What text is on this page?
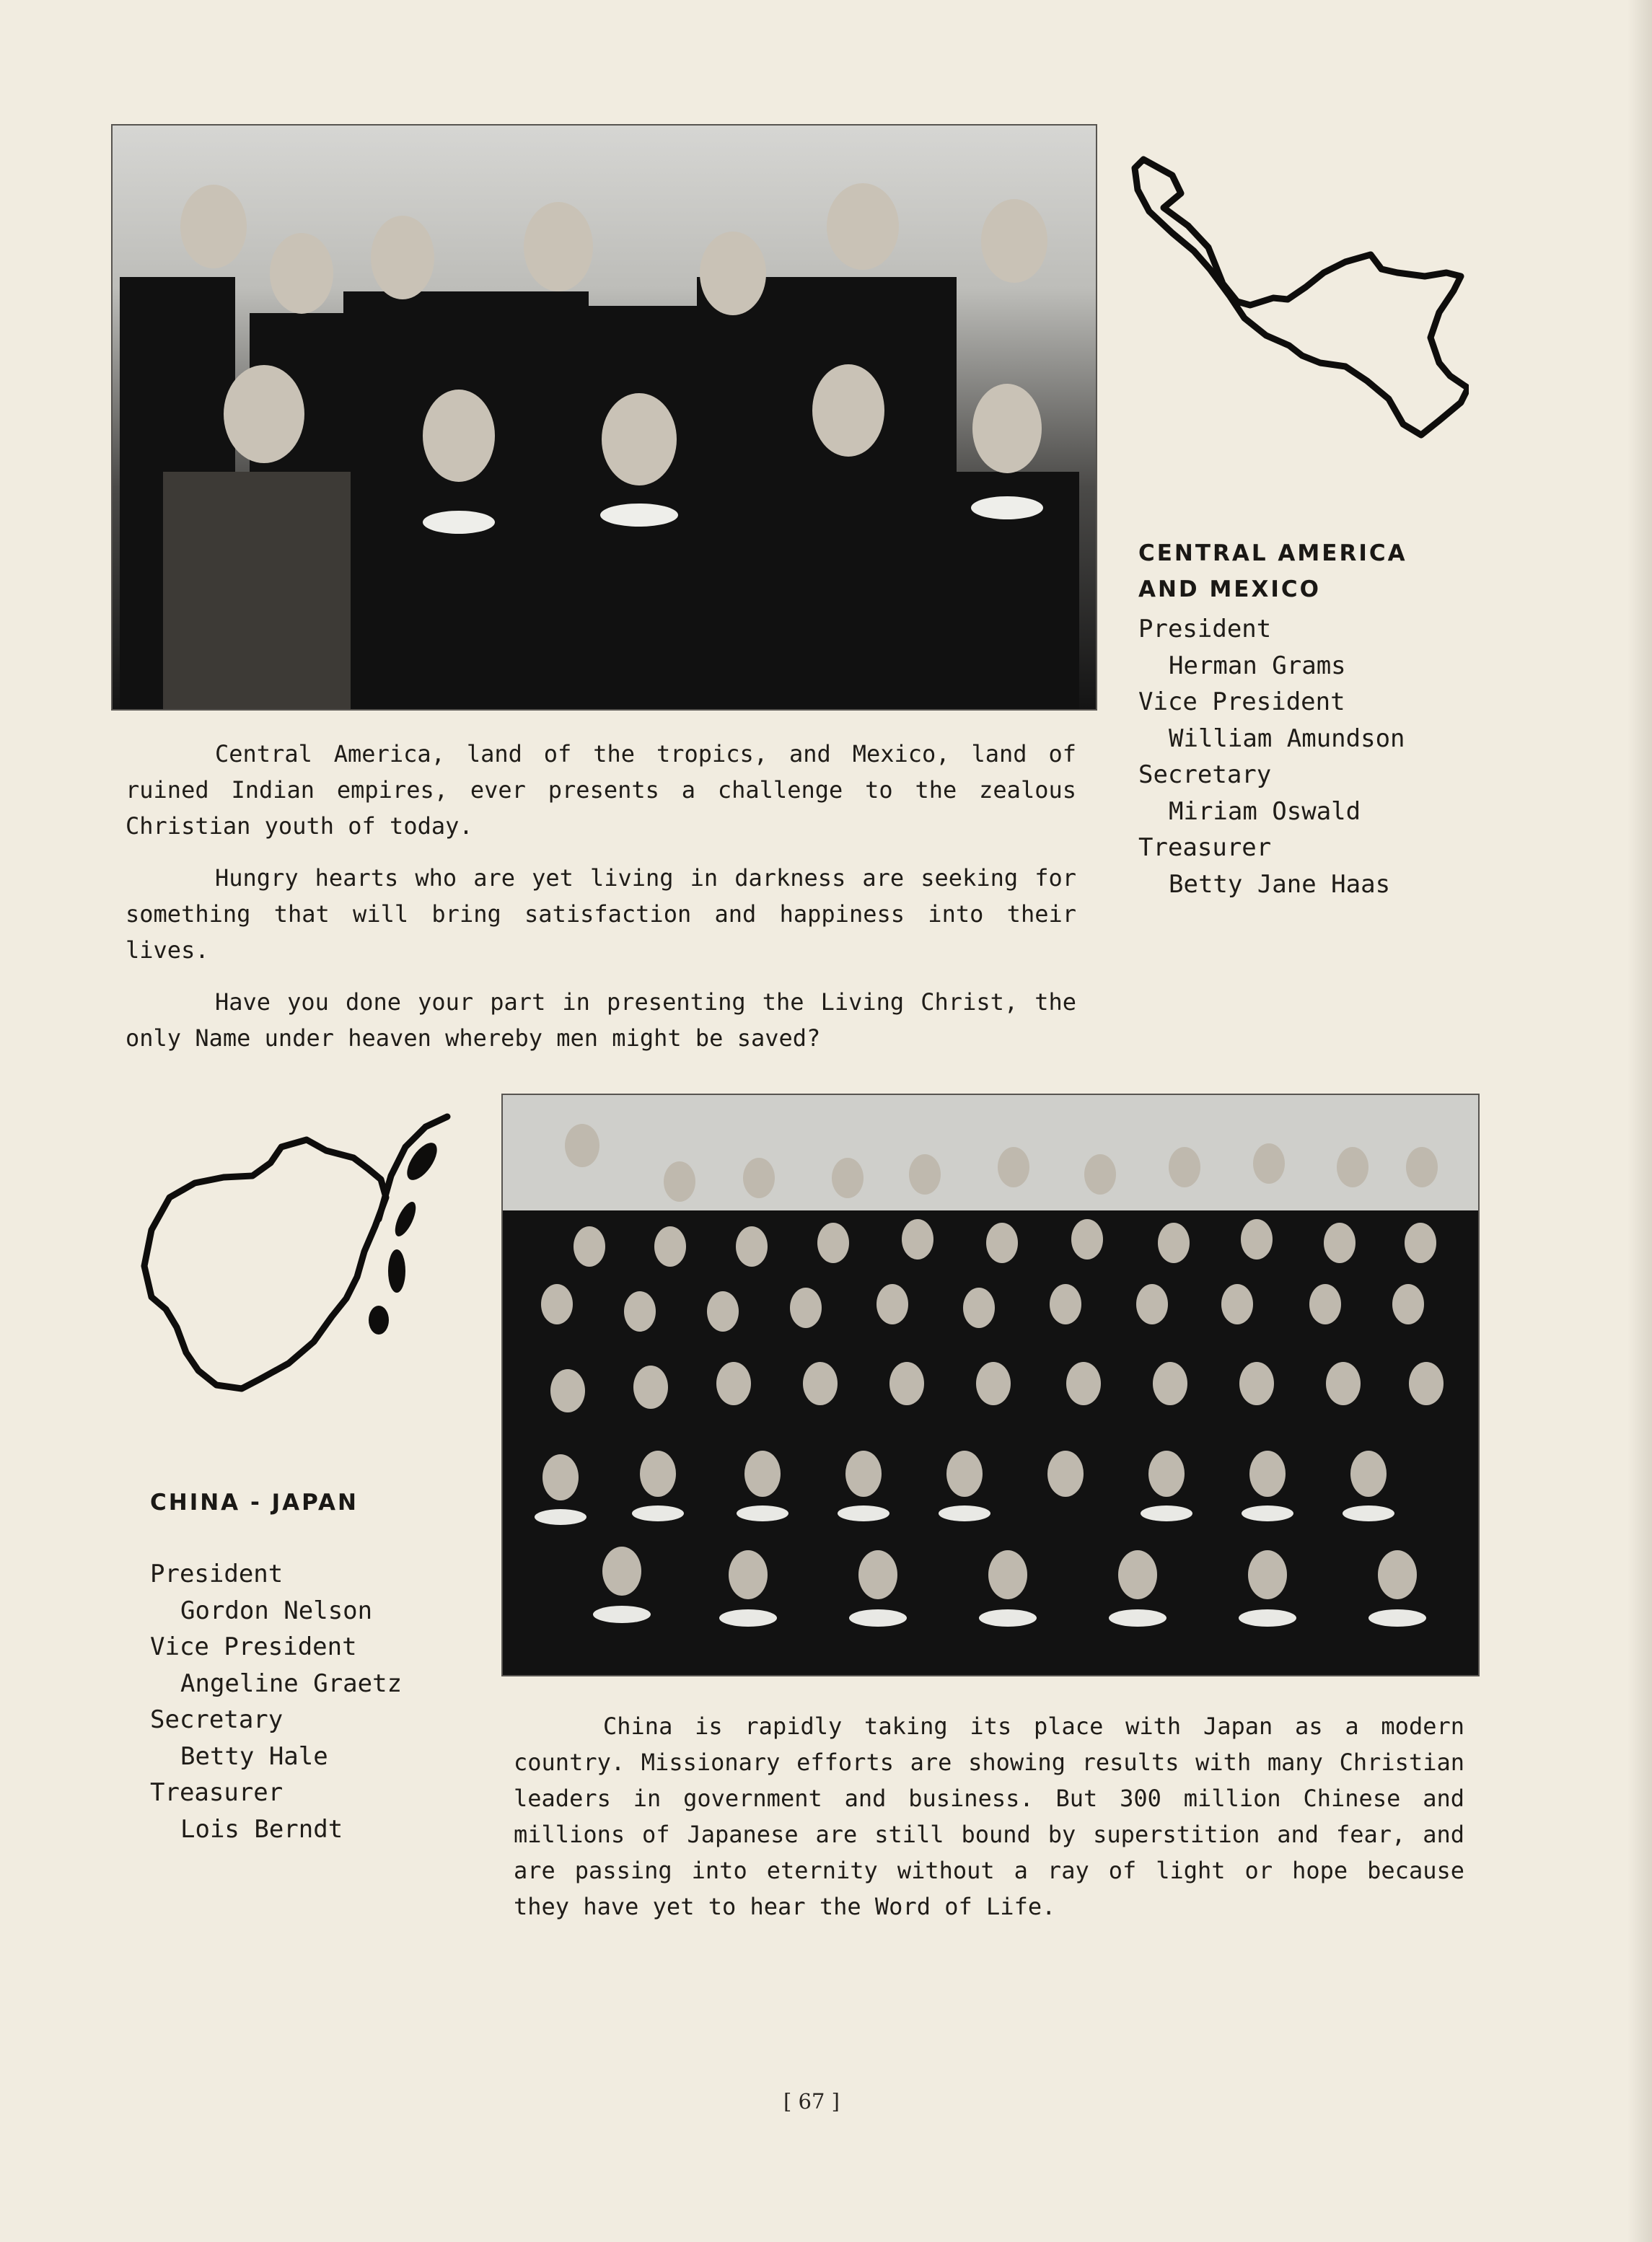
CENTRAL AMERICA AND MEXICO
President
Herman Grams
Vice President
William Amundson
Secretary
Miriam Oswald
Treasurer
Betty Jane Haas

Central America, land of the tropics, and Mexico, land of ruined Indian empires, ever presents a challenge to the zealous Christian youth of today.

Hungry hearts who are yet living in darkness are seeking for something that will bring satisfaction and happiness into their lives.

Have you done your part in presenting the Living Christ, the only Name under heaven whereby men might be saved?

CHINA - JAPAN
President
Gordon Nelson
Vice President
Angeline Graetz
Secretary
Betty Hale
Treasurer
Lois Berndt

China is rapidly taking its place with Japan as a modern country. Missionary efforts are showing results with many Christian leaders in government and business. But 300 million Chinese and millions of Japanese are still bound by superstition and fear, and are passing into eternity without a ray of light or hope because they have yet to hear the Word of Life.

[ 67 ]
